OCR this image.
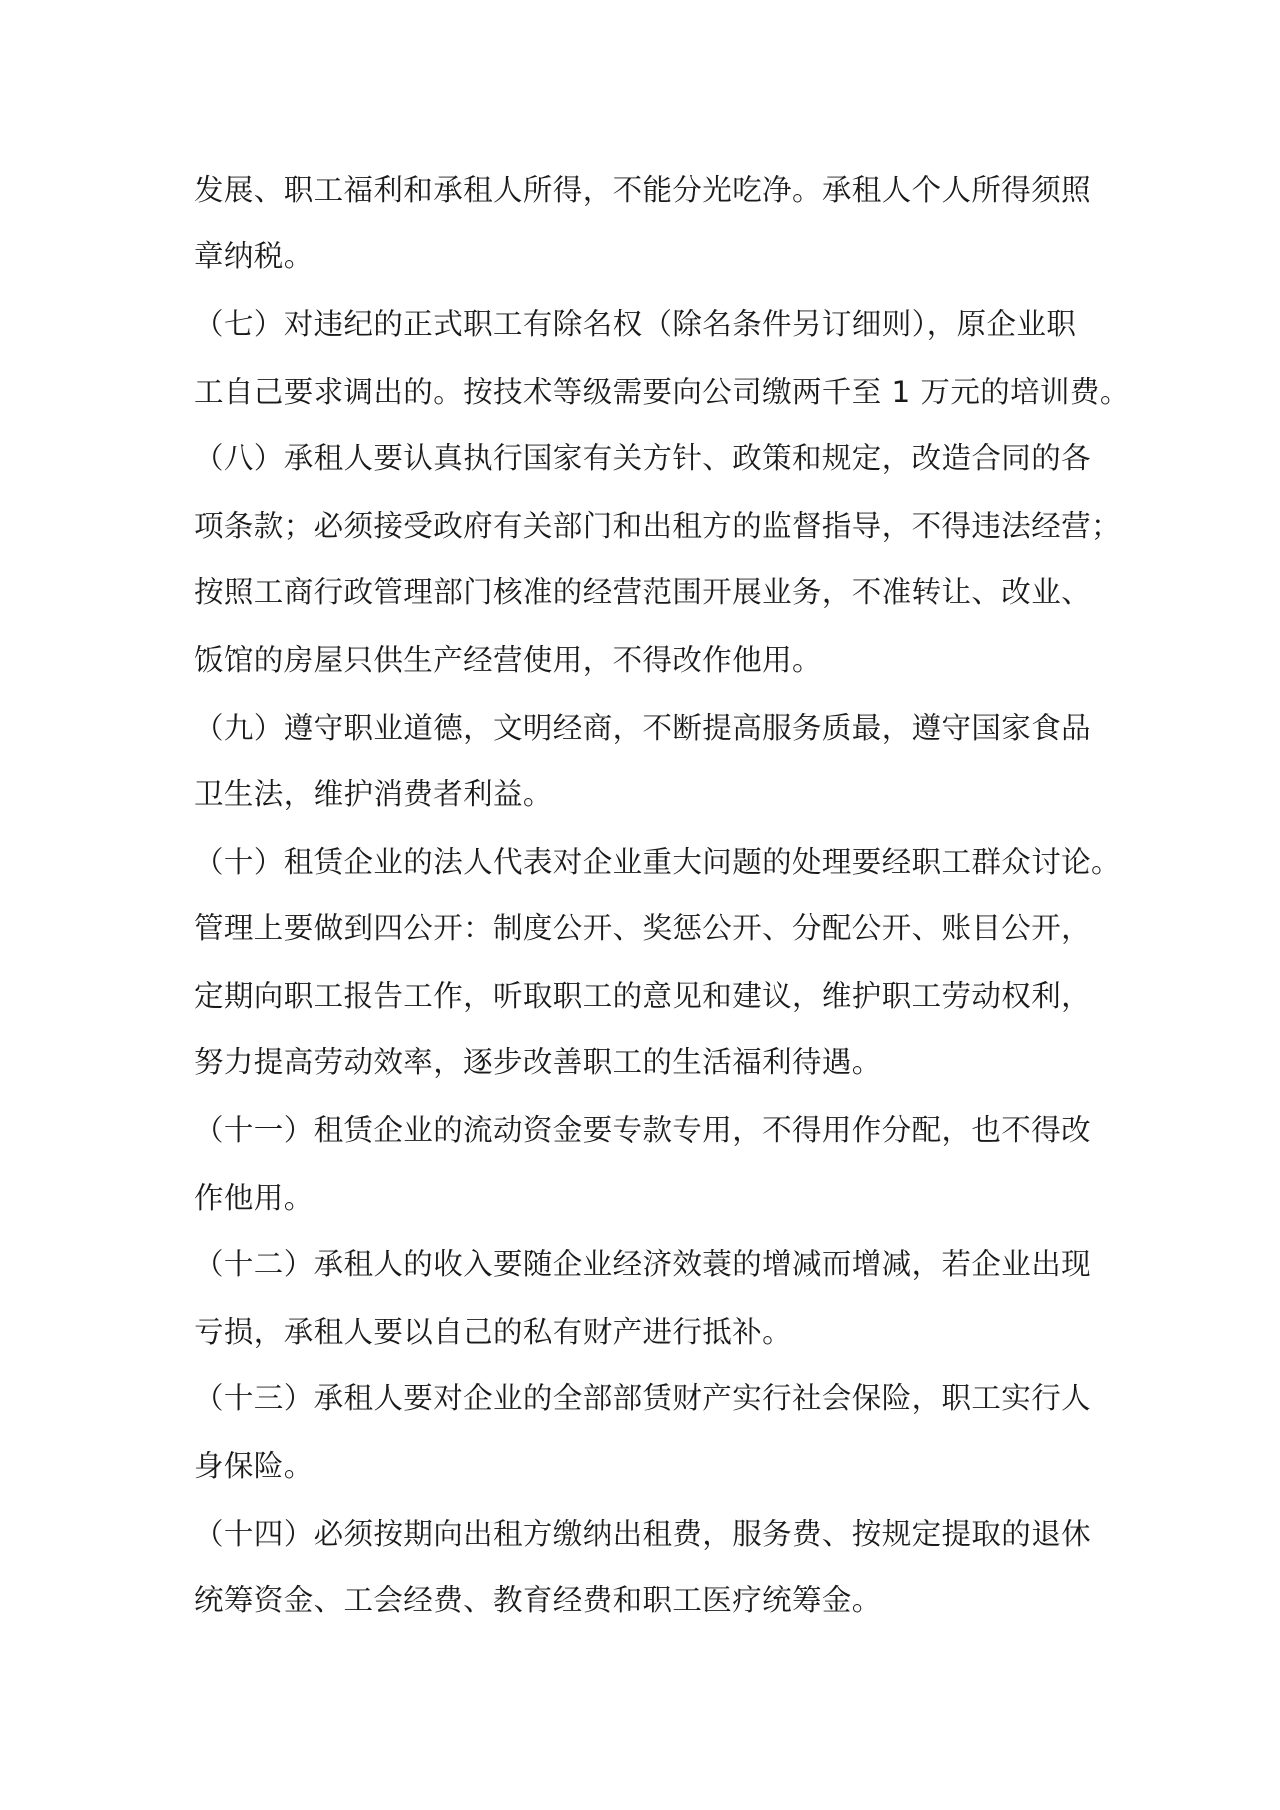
发展、职工福利和承租人所得，不能分光吃净。承租人个人所得须照
章纳税。
（七）对违纪的正式职工有除名权（除名条件另订细则），原企业职
工自己要求调出的。按技术等级需要向公司缴两千至 1 万元的培训费。
（八）承租人要认真执行国家有关方针、政策和规定，改造合同的各
项条款；必须接受政府有关部门和出租方的监督指导，不得违法经营；
按照工商行政管理部门核准的经营范围开展业务，不准转让、改业、
饭馆的房屋只供生产经营使用，不得改作他用。
（九）遵守职业道德，文明经商，不断提高服务质最，遵守国家食品
卫生法，维护消费者利益。
（十）租赁企业的法人代表对企业重大问题的处理要经职工群众讨论。
管理上要做到四公开：制度公开、奖惩公开、分配公开、账目公开，
定期向职工报告工作，听取职工的意见和建议，维护职工劳动权利，
努力提高劳动效率，逐步改善职工的生活福利待遇。
（十一）租赁企业的流动资金要专款专用，不得用作分配，也不得改
作他用。
（十二）承租人的收入要随企业经济效蓑的增减而增减，若企业出现
亏损，承租人要以自己的私有财产进行抵补。
（十三）承租人要对企业的全部部赁财产实行社会保险，职工实行人
身保险。
（十四）必须按期向出租方缴纳出租费，服务费、按规定提取的退休
统筹资金、工会经费、教育经费和职工医疗统筹金。
